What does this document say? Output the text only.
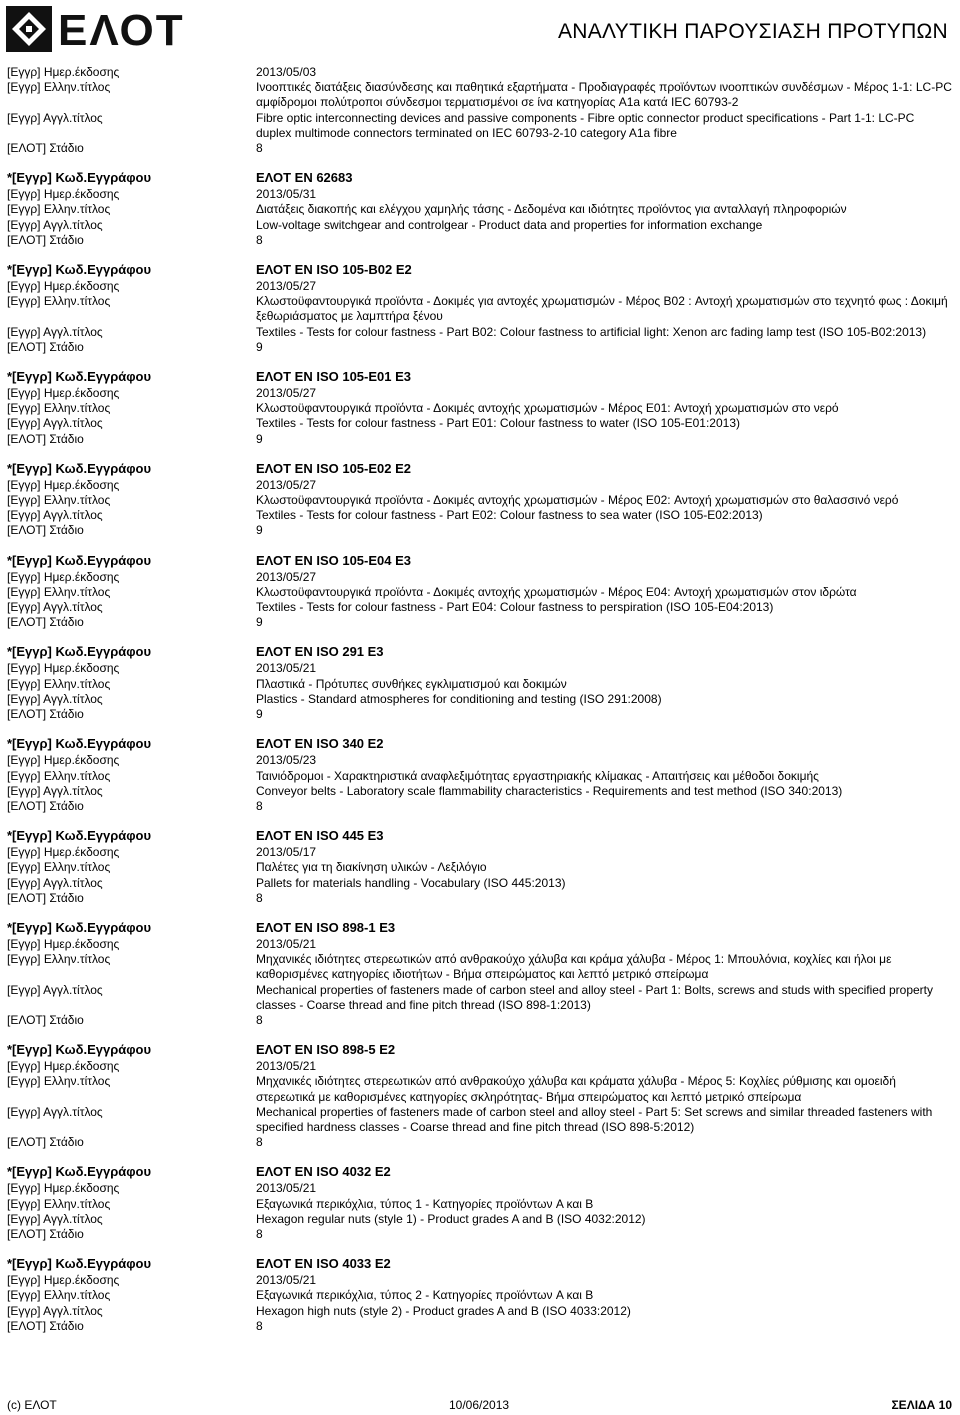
ΕΛΟΤ	ΑΝΑΛΥΤΙΚΗ ΠΑΡΟΥΣΙΑΣΗ ΠΡΟΤΥΠΩΝ
[Εγγρ] Ημερ.έκδοσης	2013/05/03
[Εγγρ] Ελλην.τίτλος	Ινοοπτικές διατάξεις διασύνδεσης και παθητικά εξαρτήματα - Προδιαγραφές προϊόντων ινοοπτικών συνδέσμων - Μέρος 1-1: LC-PC αμφίδρομοι πολύτροποι σύνδεσμοι τερματισμένοι σε ίνα κατηγορίας A1a κατά IEC 60793-2
[Εγγρ] Αγγλ.τίτλος	Fibre optic interconnecting devices and passive components - Fibre optic connector product specifications - Part 1-1: LC-PC duplex multimode connectors terminated on IEC 60793-2-10 category A1a fibre
[ΕΛΟΤ] Στάδιο	8
*[Εγγρ] Κωδ.Εγγράφου	ΕΛΟΤ EN 62683
[Εγγρ] Ημερ.έκδοσης	2013/05/31
[Εγγρ] Ελλην.τίτλος	Διατάξεις διακοπής και ελέγχου χαμηλής τάσης - Δεδομένα και ιδιότητες προϊόντος για ανταλλαγή πληροφοριών
[Εγγρ] Αγγλ.τίτλος	Low-voltage switchgear and controlgear - Product data and properties for information exchange
[ΕΛΟΤ] Στάδιο	8
*[Εγγρ] Κωδ.Εγγράφου	ΕΛΟΤ EN ISO 105-B02 E2
[Εγγρ] Ημερ.έκδοσης	2013/05/27
[Εγγρ] Ελλην.τίτλος	Κλωστοϋφαντουργικά προϊόντα - Δοκιμές για αντοχές χρωματισμών - Μέρος B02 : Αντοχή χρωματισμών στο τεχνητό φως : Δοκιμή ξεθωριάσματος με λαμπτήρα ξένου
[Εγγρ] Αγγλ.τίτλος	Textiles - Tests for colour fastness - Part B02: Colour fastness to artificial light: Xenon arc fading lamp test (ISO 105-B02:2013)
[ΕΛΟΤ] Στάδιο	9
*[Εγγρ] Κωδ.Εγγράφου	ΕΛΟΤ EN ISO 105-E01 E3
[Εγγρ] Ημερ.έκδοσης	2013/05/27
[Εγγρ] Ελλην.τίτλος	Κλωστοϋφαντουργικά προϊόντα - Δοκιμές αντοχής χρωματισμών - Μέρος E01: Αντοχή χρωματισμών στο νερό
[Εγγρ] Αγγλ.τίτλος	Textiles - Tests for colour fastness - Part E01: Colour fastness to water (ISO 105-E01:2013)
[ΕΛΟΤ] Στάδιο	9
*[Εγγρ] Κωδ.Εγγράφου	ΕΛΟΤ EN ISO 105-E02 E2
[Εγγρ] Ημερ.έκδοσης	2013/05/27
[Εγγρ] Ελλην.τίτλος	Κλωστοϋφαντουργικά προϊόντα - Δοκιμές αντοχής χρωματισμών - Μέρος E02: Αντοχή χρωματισμών στο θαλασσινό νερό
[Εγγρ] Αγγλ.τίτλος	Textiles - Tests for colour fastness - Part E02: Colour fastness to sea water (ISO 105-E02:2013)
[ΕΛΟΤ] Στάδιο	9
*[Εγγρ] Κωδ.Εγγράφου	ΕΛΟΤ EN ISO 105-E04 E3
[Εγγρ] Ημερ.έκδοσης	2013/05/27
[Εγγρ] Ελλην.τίτλος	Κλωστοϋφαντουργικά προϊόντα - Δοκιμές αντοχής χρωματισμών - Μέρος E04: Αντοχή χρωματισμών στον ιδρώτα
[Εγγρ] Αγγλ.τίτλος	Textiles - Tests for colour fastness - Part E04: Colour fastness to perspiration (ISO 105-E04:2013)
[ΕΛΟΤ] Στάδιο	9
*[Εγγρ] Κωδ.Εγγράφου	ΕΛΟΤ EN ISO 291 E3
[Εγγρ] Ημερ.έκδοσης	2013/05/21
[Εγγρ] Ελλην.τίτλος	Πλαστικά - Πρότυπες συνθήκες εγκλιματισμού και δοκιμών
[Εγγρ] Αγγλ.τίτλος	Plastics - Standard atmospheres for conditioning and testing (ISO 291:2008)
[ΕΛΟΤ] Στάδιο	9
*[Εγγρ] Κωδ.Εγγράφου	ΕΛΟΤ EN ISO 340 E2
[Εγγρ] Ημερ.έκδοσης	2013/05/23
[Εγγρ] Ελλην.τίτλος	Ταινιόδρομοι - Χαρακτηριστικά αναφλεξιμότητας εργαστηριακής κλίμακας - Απαιτήσεις και μέθοδοι δοκιμής
[Εγγρ] Αγγλ.τίτλος	Conveyor belts - Laboratory scale flammability characteristics - Requirements and test method (ISO 340:2013)
[ΕΛΟΤ] Στάδιο	8
*[Εγγρ] Κωδ.Εγγράφου	ΕΛΟΤ EN ISO 445 E3
[Εγγρ] Ημερ.έκδοσης	2013/05/17
[Εγγρ] Ελλην.τίτλος	Παλέτες για τη διακίνηση υλικών - Λεξιλόγιο
[Εγγρ] Αγγλ.τίτλος	Pallets for materials handling - Vocabulary (ISO 445:2013)
[ΕΛΟΤ] Στάδιο	8
*[Εγγρ] Κωδ.Εγγράφου	ΕΛΟΤ EN ISO 898-1 E3
[Εγγρ] Ημερ.έκδοσης	2013/05/21
[Εγγρ] Ελλην.τίτλος	Μηχανικές ιδιότητες στερεωτικών από ανθρακούχο χάλυβα και κράμα χάλυβα - Μέρος 1: Μπουλόνια, κοχλίες και ήλοι με καθορισμένες κατηγορίες ιδιοτήτων - Βήμα σπειρώματος και λεπτό μετρικό σπείρωμα
[Εγγρ] Αγγλ.τίτλος	Mechanical properties of fasteners made of carbon steel and alloy steel - Part 1: Bolts, screws and studs with specified property classes - Coarse thread and fine pitch thread (ISO 898-1:2013)
[ΕΛΟΤ] Στάδιο	8
*[Εγγρ] Κωδ.Εγγράφου	ΕΛΟΤ EN ISO 898-5 E2
[Εγγρ] Ημερ.έκδοσης	2013/05/21
[Εγγρ] Ελλην.τίτλος	Μηχανικές ιδιότητες στερεωτικών από ανθρακούχο χάλυβα και κράματα χάλυβα - Μέρος 5: Κοχλίες ρύθμισης και ομοειδή στερεωτικά με καθορισμένες κατηγορίες σκληρότητας- Βήμα σπειρώματος και λεπτό μετρικό σπείρωμα
[Εγγρ] Αγγλ.τίτλος	Mechanical properties of fasteners made of carbon steel and alloy steel - Part 5: Set screws and similar threaded fasteners with specified hardness classes - Coarse thread and fine pitch thread (ISO 898-5:2012)
[ΕΛΟΤ] Στάδιο	8
*[Εγγρ] Κωδ.Εγγράφου	ΕΛΟΤ EN ISO 4032 E2
[Εγγρ] Ημερ.έκδοσης	2013/05/21
[Εγγρ] Ελλην.τίτλος	Εξαγωνικά περικόχλια, τύπος 1 - Κατηγορίες προϊόντων A και B
[Εγγρ] Αγγλ.τίτλος	Hexagon regular nuts (style 1) - Product grades A and B (ISO 4032:2012)
[ΕΛΟΤ] Στάδιο	8
*[Εγγρ] Κωδ.Εγγράφου	ΕΛΟΤ EN ISO 4033 E2
[Εγγρ] Ημερ.έκδοσης	2013/05/21
[Εγγρ] Ελλην.τίτλος	Εξαγωνικά περικόχλια, τύπος 2 - Κατηγορίες προϊόντων A και B
[Εγγρ] Αγγλ.τίτλος	Hexagon high nuts (style 2) - Product grades A and B (ISO 4033:2012)
[ΕΛΟΤ] Στάδιο	8
(c) ΕΛΟΤ	10/06/2013	ΣΕΛΙΔΑ 10
